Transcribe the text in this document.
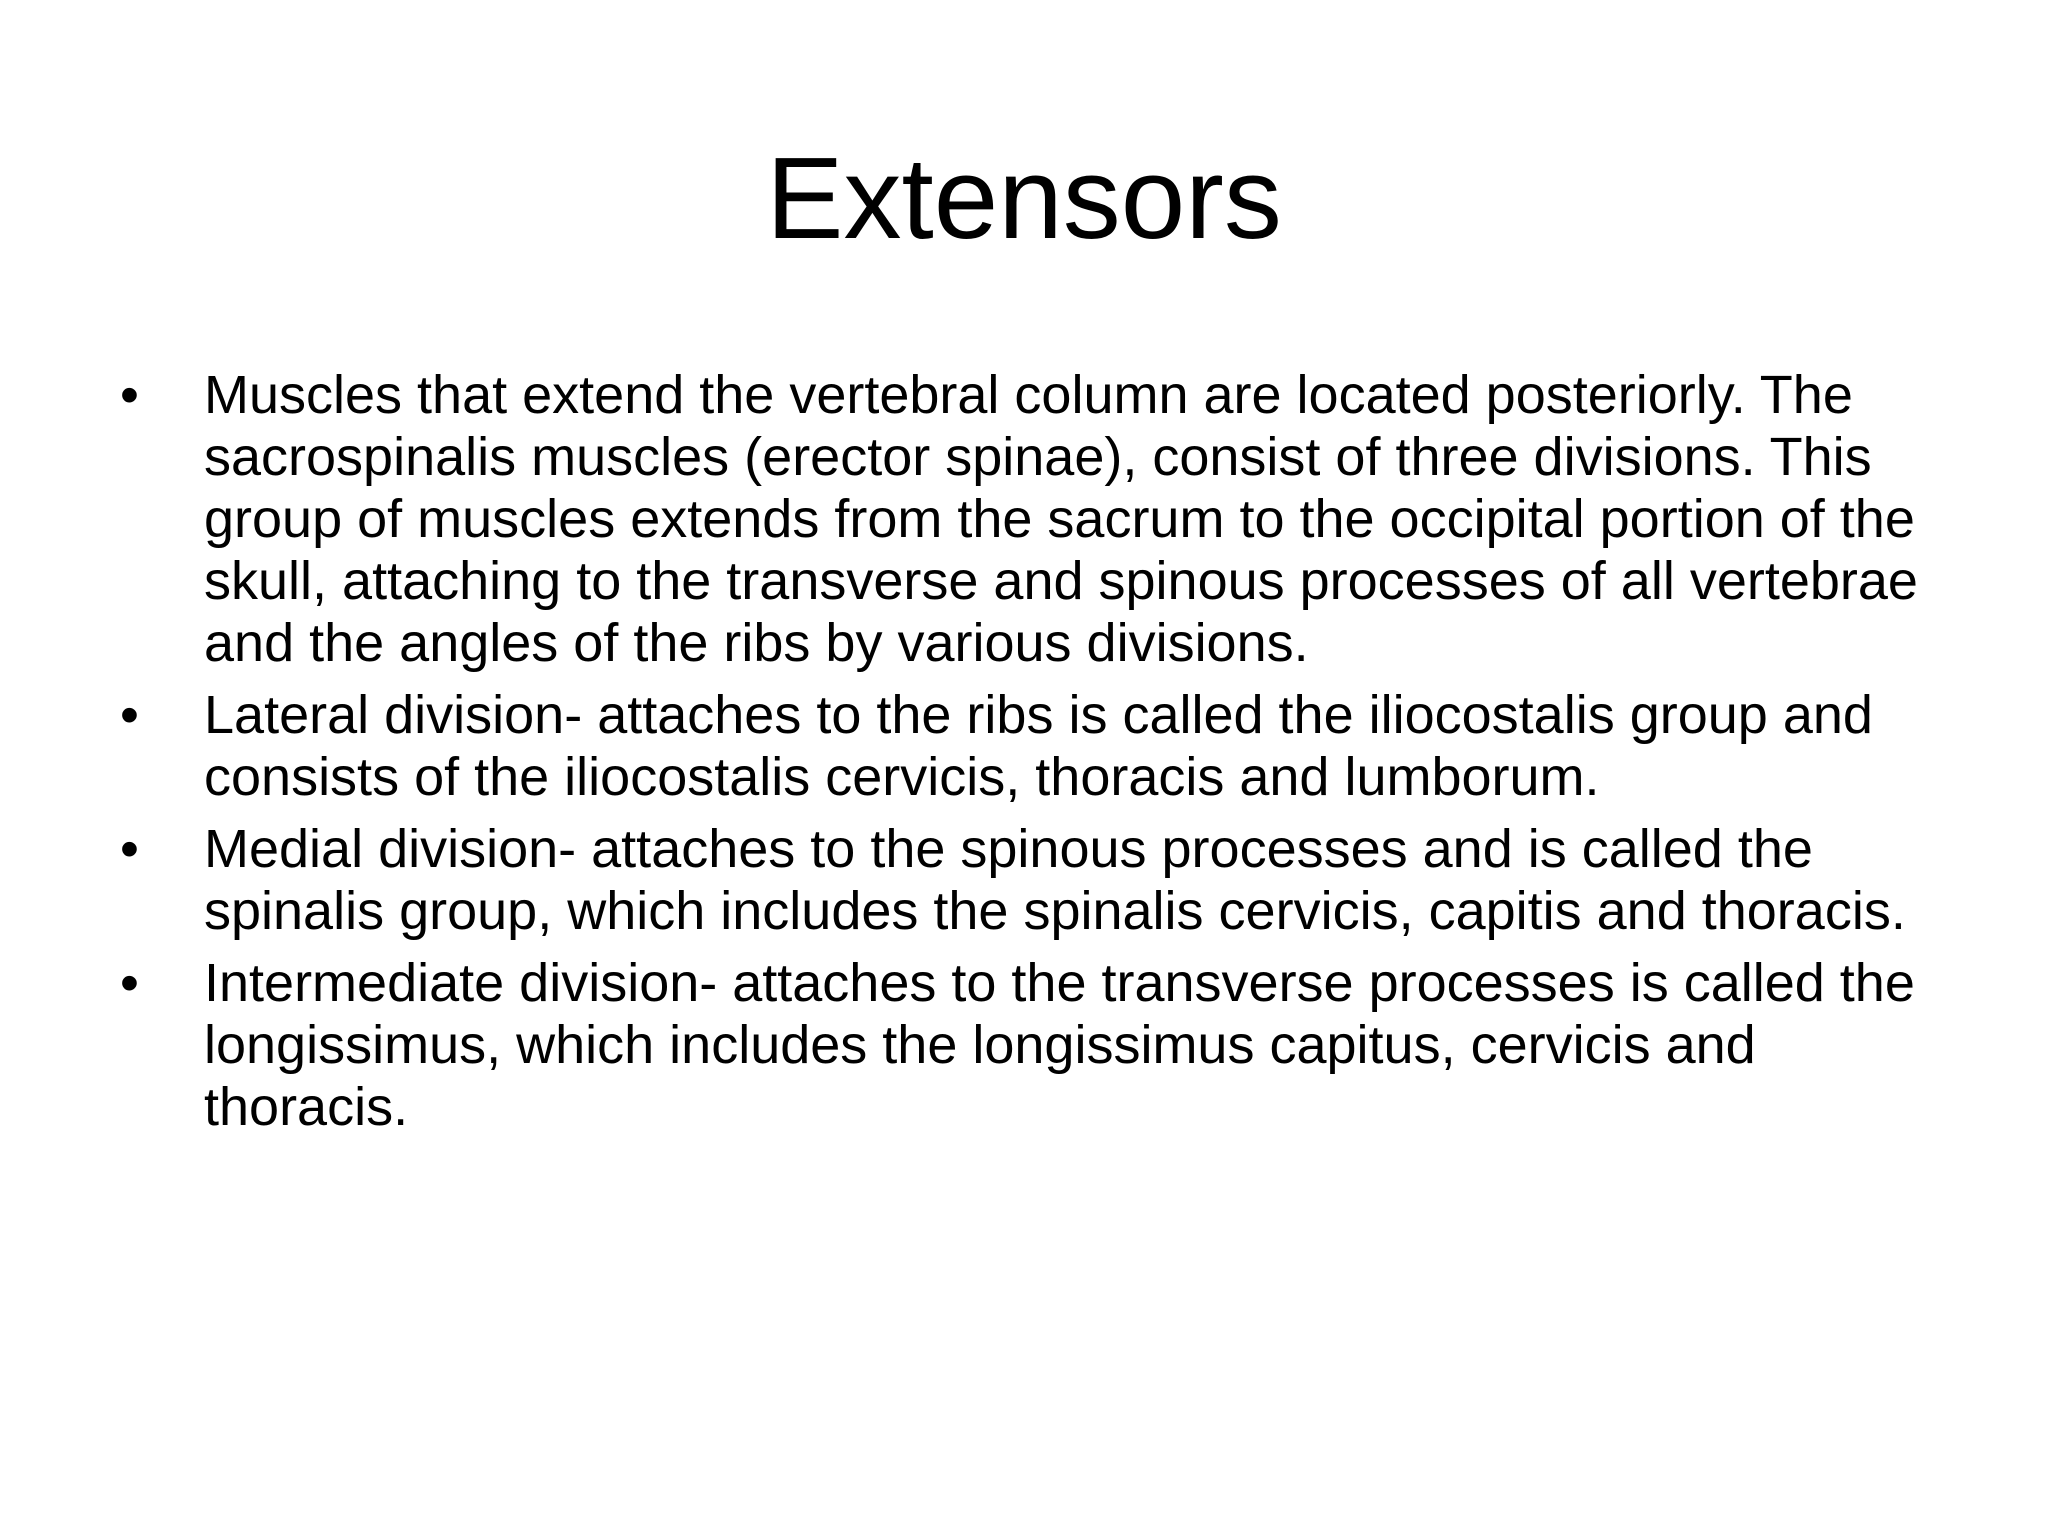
Extensors
•	Muscles that extend the vertebral column are located posteriorly. The sacrospinalis muscles (erector spinae), consist of three divisions. This group of muscles extends from the sacrum to the occipital portion of the skull, attaching to the transverse and spinous processes of all vertebrae and the angles of the ribs by various divisions.
•	Lateral division- attaches to the ribs is called the iliocostalis group and consists of the iliocostalis cervicis, thoracis and lumborum.
•	Medial division- attaches to the spinous processes and is called the spinalis group, which includes the spinalis cervicis, capitis and thoracis.
•	Intermediate division- attaches to the transverse processes is called the longissimus, which includes the longissimus capitus, cervicis and thoracis.
